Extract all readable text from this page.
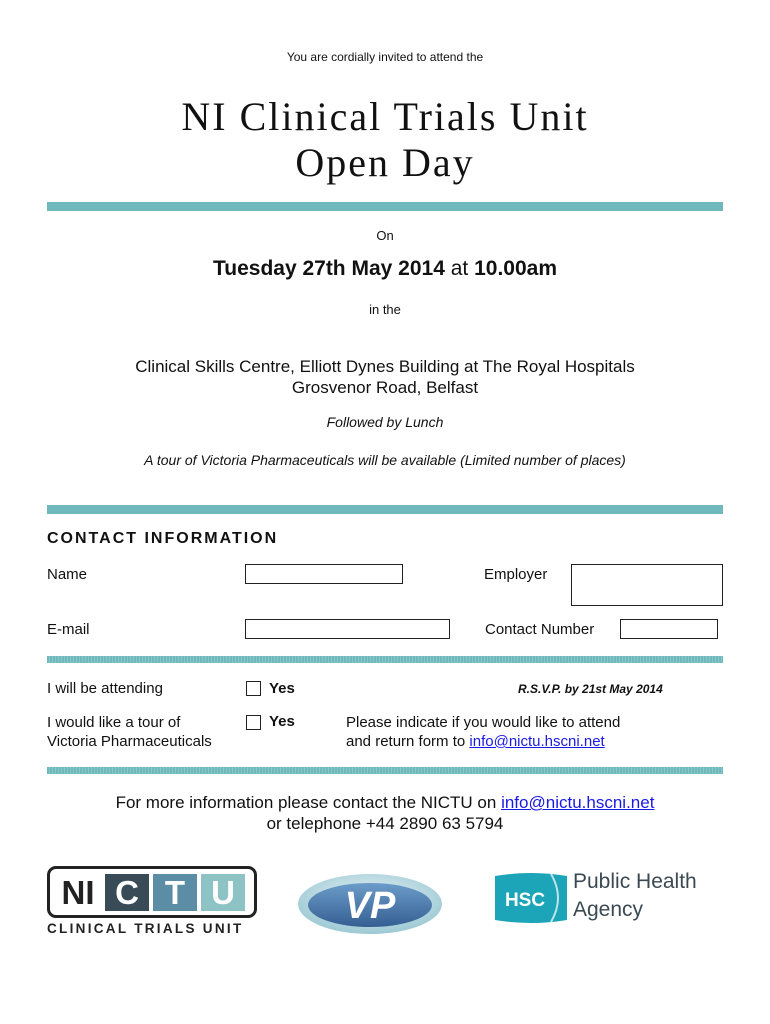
You are cordially invited to attend the
NI Clinical Trials Unit
Open Day
On
Tuesday 27th May 2014 at 10.00am
in the
Clinical Skills Centre, Elliott Dynes Building at The Royal Hospitals
Grosvenor Road, Belfast
Followed by Lunch
A tour of Victoria Pharmaceuticals will be available (Limited number of places)
CONTACT INFORMATION
Name	Employer
E-mail	Contact Number
I will be attending	Yes	R.S.V.P. by 21st May 2014
I would like a tour of
Victoria Pharmaceuticals
Yes	Please indicate if you would like to attend
and return form to info@nictu.hscni.net
For more information please contact the NICTU on info@nictu.hscni.net
or telephone +44 2890 63 5794
NI C T U
CLINICAL TRIALS UNIT
VP	HSC
Public Health
Agency
